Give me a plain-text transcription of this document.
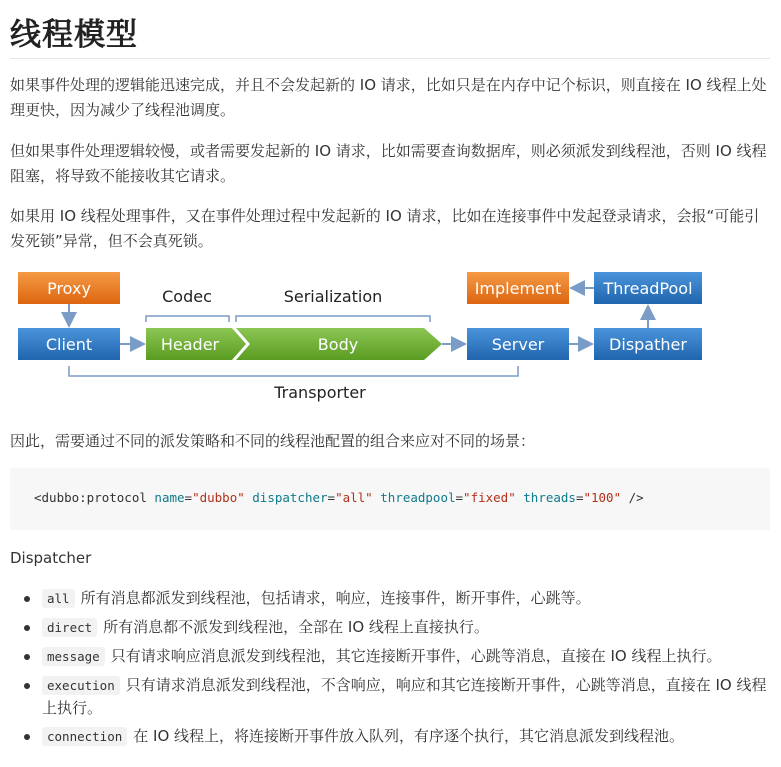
线程模型

如果事件处理的逻辑能迅速完成，并且不会发起新的 IO 请求，比如只是在内存中记个标识，则直接在 IO 线程上处理更快，因为减少了线程池调度。

但如果事件处理逻辑较慢，或者需要发起新的 IO 请求，比如需要查询数据库，则必须派发到线程池，否则 IO 线程阻塞，将导致不能接收其它请求。

如果用 IO 线程处理事件，又在事件处理过程中发起新的 IO 请求，比如在连接事件中发起登录请求，会报“可能引发死锁”异常，但不会真死锁。

Proxy
Client	Header	Body	Server
Implement	ThreadPool
Dispather
Codec	Serialization
Transporter

因此，需要通过不同的派发策略和不同的线程池配置的组合来应对不同的场景：

<dubbo:protocol name="dubbo" dispatcher="all" threadpool="fixed" threads="100" />

Dispatcher

all 所有消息都派发到线程池，包括请求，响应，连接事件，断开事件，心跳等。
direct 所有消息都不派发到线程池，全部在 IO 线程上直接执行。
message 只有请求响应消息派发到线程池，其它连接断开事件，心跳等消息，直接在 IO 线程上执行。
execution 只有请求消息派发到线程池，不含响应，响应和其它连接断开事件，心跳等消息，直接在 IO 线程上执行。
connection 在 IO 线程上，将连接断开事件放入队列，有序逐个执行，其它消息派发到线程池。
